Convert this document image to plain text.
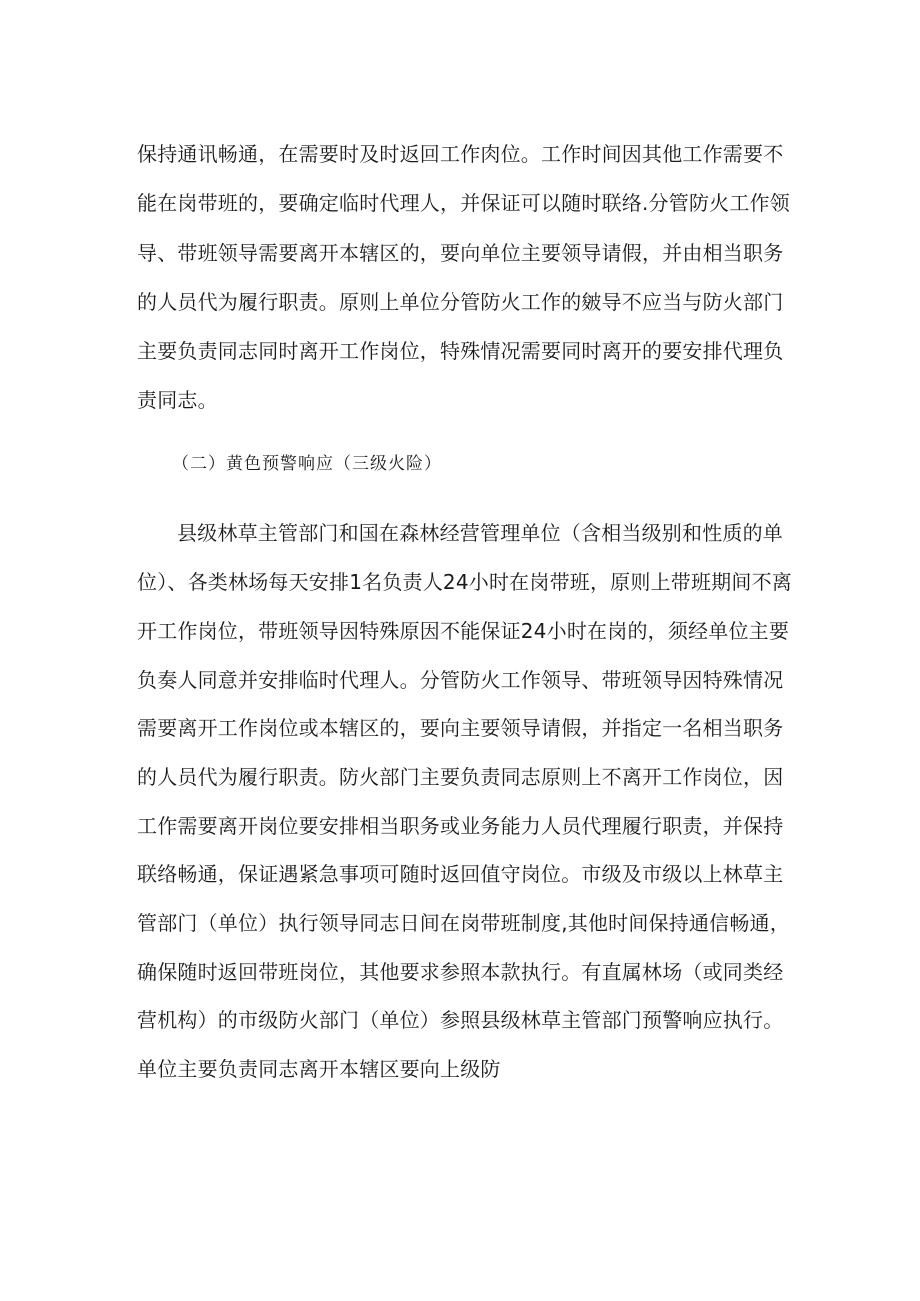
保持通讯畅通，在需要时及时返回工作肉位。工作时间因其他工作需要不
能在岗带班的，要确定临时代理人，并保证可以随时联络.分管防火工作领
导、带班领导需要离开本辖区的，要向单位主要领导请假，并由相当职务
的人员代为履行职责。原则上单位分管防火工作的皴导不应当与防火部门
主要负责同志同时离开工作岗位，特殊情况需要同时离开的要安排代理负
责同志。
（二）黄色预警响应（三级火险）
县级林草主管部门和国在森林经营管理单位（含相当级别和性质的单
位）、各类林场每天安排1名负责人24小时在岗带班，原则上带班期间不离
开工作岗位，带班领导因特殊原因不能保证24小时在岗的，须经单位主要
负奏人同意并安排临时代理人。分管防火工作领导、带班领导因特殊情况
需要离开工作岗位或本辖区的，要向主要领导请假，并指定一名相当职务
的人员代为履行职责。防火部门主要负责同志原则上不离开工作岗位，因
工作需要离开岗位要安排相当职务或业务能力人员代理履行职责，并保持
联络畅通，保证遇紧急事项可随时返回值守岗位。市级及市级以上林草主
管部门（单位）执行领导同志日间在岗带班制度,其他时间保持通信畅通，
确保随时返回带班岗位，其他要求参照本款执行。有直属林场（或同类经
营机构）的市级防火部门（单位）参照县级林草主管部门预警响应执行。
单位主要负责同志离开本辖区要向上级防
